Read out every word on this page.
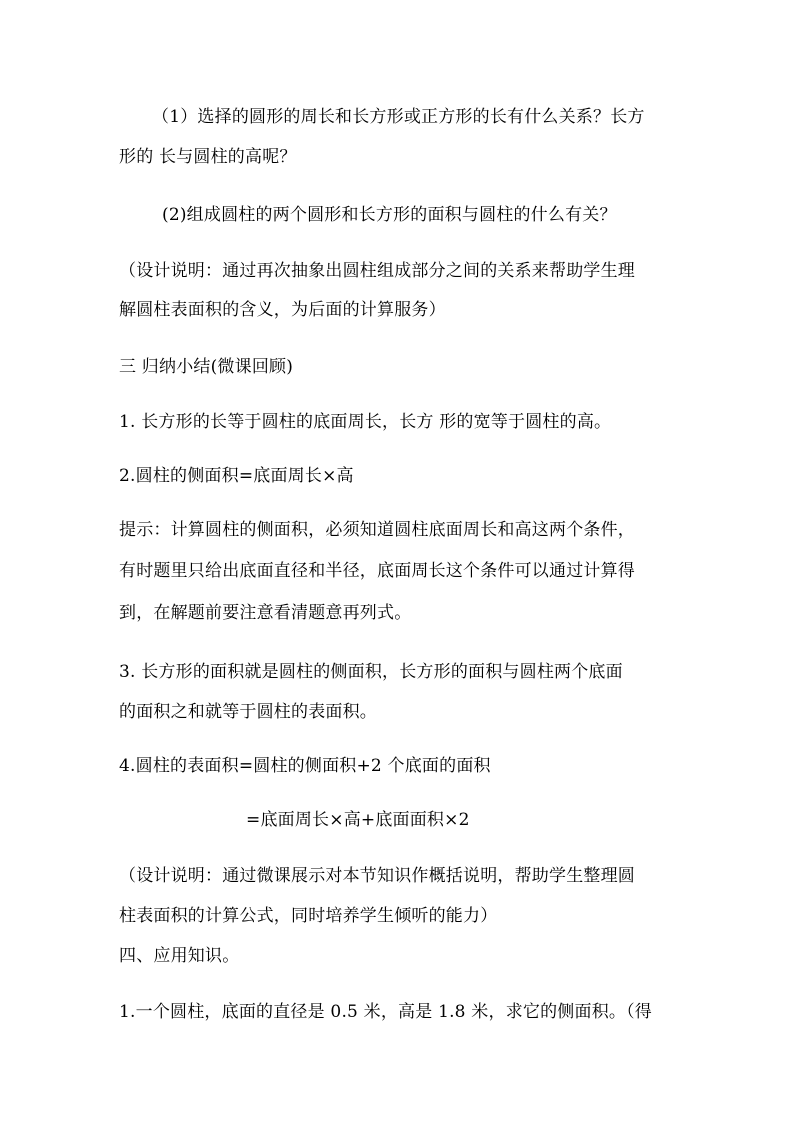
（1）选择的圆形的周长和长方形或正方形的长有什么关系？长方
形的 长与圆柱的高呢？
(2)组成圆柱的两个圆形和长方形的面积与圆柱的什么有关？
（设计说明：通过再次抽象出圆柱组成部分之间的关系来帮助学生理
解圆柱表面积的含义，为后面的计算服务）
三 归纳小结(微课回顾)
1. 长方形的长等于圆柱的底面周长，长方 形的宽等于圆柱的高。
2.圆柱的侧面积=底面周长×高
提示：计算圆柱的侧面积，必须知道圆柱底面周长和高这两个条件，
有时题里只给出底面直径和半径，底面周长这个条件可以通过计算得
到，在解题前要注意看清题意再列式。
3. 长方形的面积就是圆柱的侧面积，长方形的面积与圆柱两个底面
的面积之和就等于圆柱的表面积。
4.圆柱的表面积=圆柱的侧面积+2 个底面的面积
=底面周长×高+底面面积×2
（设计说明：通过微课展示对本节知识作概括说明，帮助学生整理圆
柱表面积的计算公式，同时培养学生倾听的能力）
四、应用知识。
1.一个圆柱，底面的直径是 0.5 米，高是 1.8 米，求它的侧面积。（得
